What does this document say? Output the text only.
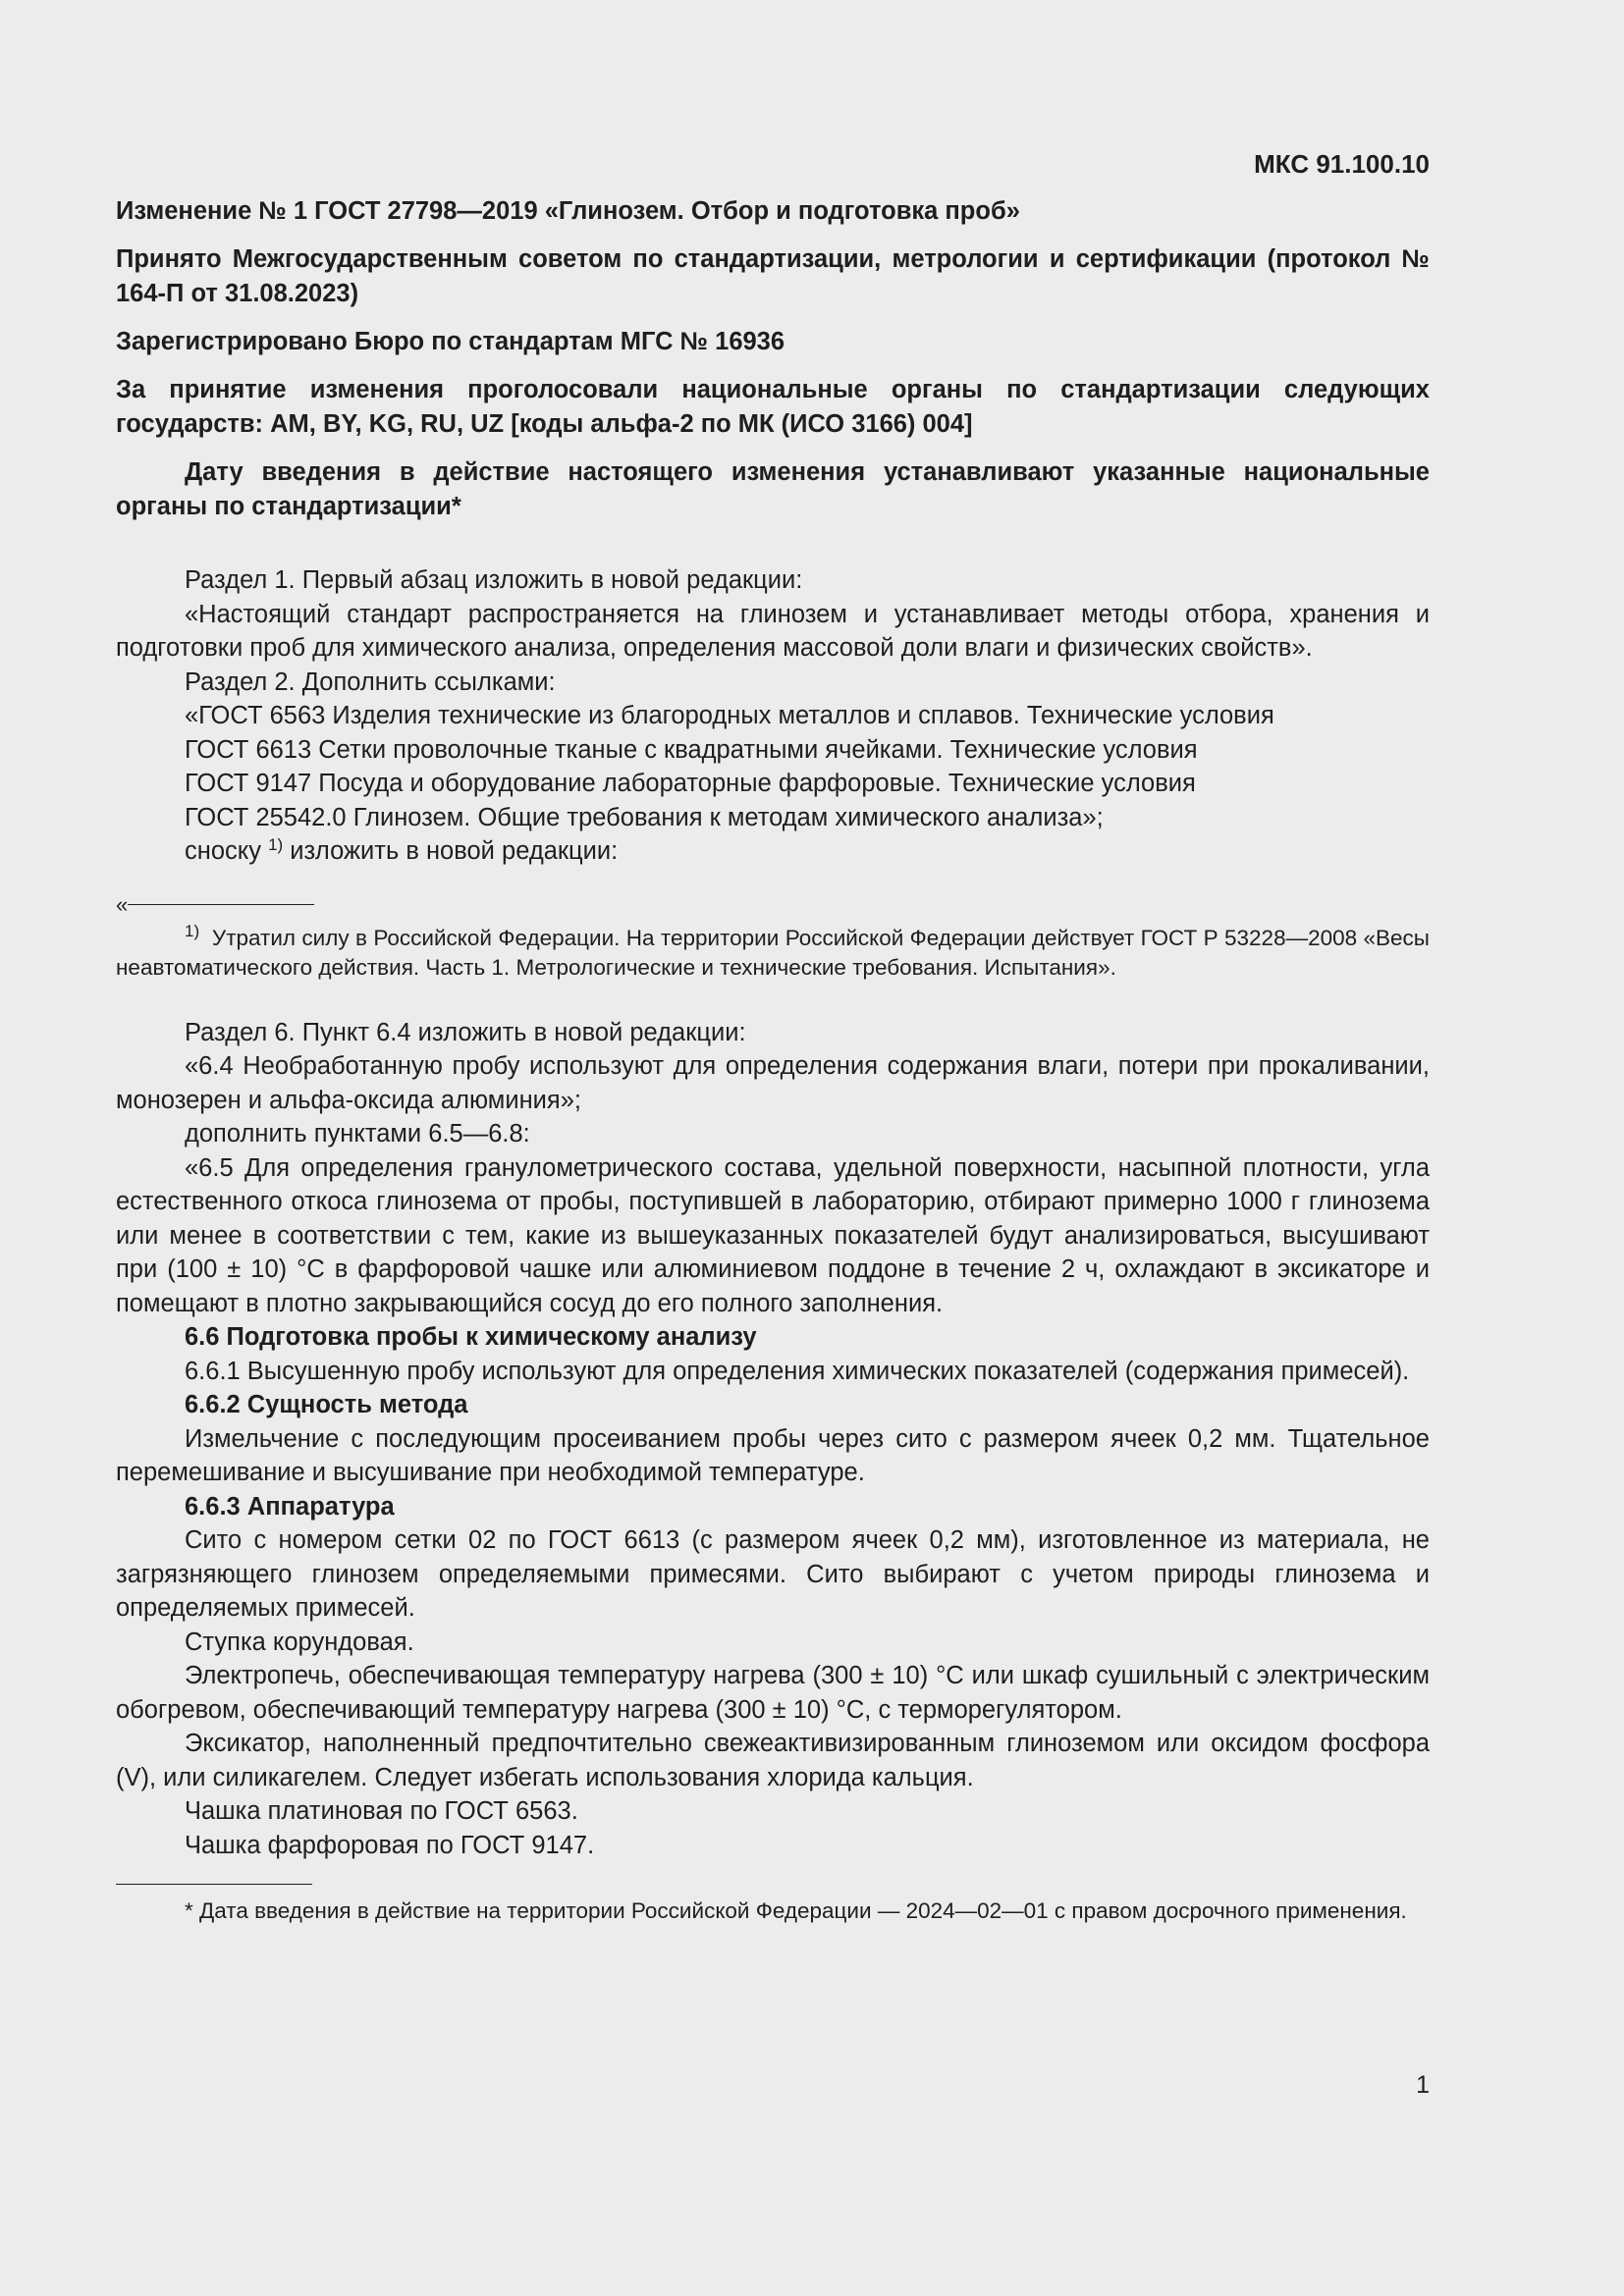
МКС 91.100.10

Изменение № 1 ГОСТ 27798—2019 «Глинозем. Отбор и подготовка проб»

Принято Межгосударственным советом по стандартизации, метрологии и сертификации (протокол № 164-П от 31.08.2023)

Зарегистрировано Бюро по стандартам МГС № 16936

За принятие изменения проголосовали национальные органы по стандартизации следующих государств: AM, BY, KG, RU, UZ [коды альфа-2 по МК (ИСО 3166) 004]

Дату введения в действие настоящего изменения устанавливают указанные национальные органы по стандартизации*

Раздел 1. Первый абзац изложить в новой редакции:

«Настоящий стандарт распространяется на глинозем и устанавливает методы отбора, хранения и подготовки проб для химического анализа, определения массовой доли влаги и физических свойств».

Раздел 2. Дополнить ссылками:

«ГОСТ 6563 Изделия технические из благородных металлов и сплавов. Технические условия

ГОСТ 6613 Сетки проволочные тканые с квадратными ячейками. Технические условия

ГОСТ 9147 Посуда и оборудование лабораторные фарфоровые. Технические условия

ГОСТ 25542.0 Глинозем. Общие требования к методам химического анализа»;

сноску $^{1)}$ изложить в новой редакции:

«

$^{1)}$ Утратил силу в Российской Федерации. На территории Российской Федерации действует ГОСТ Р 53228—2008 «Весы неавтоматического действия. Часть 1. Метрологические и технические требования. Испытания».

Раздел 6. Пункт 6.4 изложить в новой редакции:

«6.4 Необработанную пробу используют для определения содержания влаги, потери при прокаливании, монозерен и альфа-оксида алюминия»;

дополнить пунктами 6.5—6.8:

«6.5 Для определения гранулометрического состава, удельной поверхности, насыпной плотности, угла естественного откоса глинозема от пробы, поступившей в лабораторию, отбирают примерно 1000 г глинозема или менее в соответствии с тем, какие из вышеуказанных показателей будут анализироваться, высушивают при (100 ± 10) °С в фарфоровой чашке или алюминиевом поддоне в течение 2 ч, охлаждают в эксикаторе и помещают в плотно закрывающийся сосуд до его полного заполнения.

6.6 Подготовка пробы к химическому анализу

6.6.1 Высушенную пробу используют для определения химических показателей (содержания примесей).

6.6.2 Сущность метода

Измельчение с последующим просеиванием пробы через сито с размером ячеек 0,2 мм. Тщательное перемешивание и высушивание при необходимой температуре.

6.6.3 Аппаратура

Сито с номером сетки 02 по ГОСТ 6613 (с размером ячеек 0,2 мм), изготовленное из материала, не загрязняющего глинозем определяемыми примесями. Сито выбирают с учетом природы глинозема и определяемых примесей.

Ступка корундовая.

Электропечь, обеспечивающая температуру нагрева (300 ± 10) °С или шкаф сушильный с электрическим обогревом, обеспечивающий температуру нагрева (300 ± 10) °С, с терморегулятором.

Эксикатор, наполненный предпочтительно свежеактивизированным глиноземом или оксидом фосфора (V), или силикагелем. Следует избегать использования хлорида кальция.

Чашка платиновая по ГОСТ 6563.

Чашка фарфоровая по ГОСТ 9147.

* Дата введения в действие на территории Российской Федерации — 2024—02—01 с правом досрочного применения.

1
